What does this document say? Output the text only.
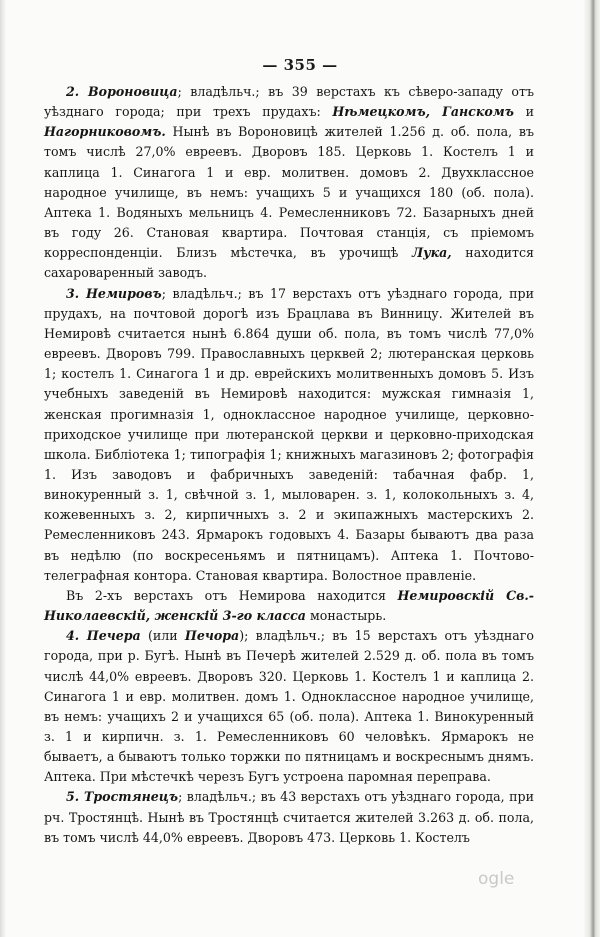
— 355 —

2. Вороновица; владѣльч.; въ 39 верстахъ къ сѣверо-западу отъ уѣзднаго города; при трехъ прудахъ: Нѣмецкомъ, Ганскомъ и Нагорниковомъ. Нынѣ въ Вороновицѣ жителей 1.256 д. об. пола, въ томъ числѣ 27,0% евреевъ. Дворовъ 185. Церковь 1. Костелъ 1 и каплица 1. Синагога 1 и евр. молитвен. домовъ 2. Двухклассное народное училище, въ немъ: учащихъ 5 и учащихся 180 (об. пола). Аптека 1. Водяныхъ мельницъ 4. Ремесленниковъ 72. Базарныхъ дней въ году 26. Становая квартира. Почтовая станція, съ пріемомъ корреспонденціи. Близъ мѣстечка, въ урочищѣ Лука, находится сахароваренный заводъ.

3. Немировъ; владѣльч.; въ 17 верстахъ отъ уѣзднаго города, при прудахъ, на почтовой дорогѣ изъ Брацлава въ Винницу. Жителей въ Немировѣ считается нынѣ 6.864 души об. пола, въ томъ числѣ 77,0% евреевъ. Дворовъ 799. Православныхъ церквей 2; лютеранская церковь 1; костелъ 1. Синагога 1 и др. еврейскихъ молитвенныхъ домовъ 5. Изъ учебныхъ заведеній въ Немировѣ находится: мужская гимназія 1, женская прогимназія 1, одноклассное народное училище, церковно-приходское училище при лютеранской церкви и церковно-приходская школа. Библіотека 1; типографія 1; книжныхъ магазиновъ 2; фотографія 1. Изъ заводовъ и фабричныхъ заведеній: табачная фабр. 1, винокуренный з. 1, свѣчной з. 1, мыловарен. з. 1, колокольныхъ з. 4, кожевенныхъ з. 2, кирпичныхъ з. 2 и экипажныхъ мастерскихъ 2. Ремесленниковъ 243. Ярмарокъ годовыхъ 4. Базары бываютъ два раза въ недѣлю (по воскресеньямъ и пятницамъ). Аптека 1. Почтово-телеграфная контора. Становая квартира. Волостное правленіе.

Въ 2-хъ верстахъ отъ Немирова находится Немировскій Св.-Николаевскій, женскій 3-го класса монастырь.

4. Печера (или Печора); владѣльч.; въ 15 верстахъ отъ уѣзднаго города, при р. Бугѣ. Нынѣ въ Печерѣ жителей 2.529 д. об. пола въ томъ числѣ 44,0% евреевъ. Дворовъ 320. Церковь 1. Костелъ 1 и каплица 2. Синагога 1 и евр. молитвен. домъ 1. Одноклассное народное училище, въ немъ: учащихъ 2 и учащихся 65 (об. пола). Аптека 1. Винокуренный з. 1 и кирпичн. з. 1. Ремесленниковъ 60 человѣкъ. Ярмарокъ не бываетъ, а бываютъ только торжки по пятницамъ и воскреснымъ днямъ. Аптека. При мѣстечкѣ черезъ Бугъ устроена паромная переправа.

5. Тростянецъ; владѣльч.; въ 43 верстахъ отъ уѣзднаго города, при рч. Тростянцѣ. Нынѣ въ Тростянцѣ считается жителей 3.263 д. об. пола, въ томъ числѣ 44,0% евреевъ. Дворовъ 473. Церковь 1. Костелъ

ogle
